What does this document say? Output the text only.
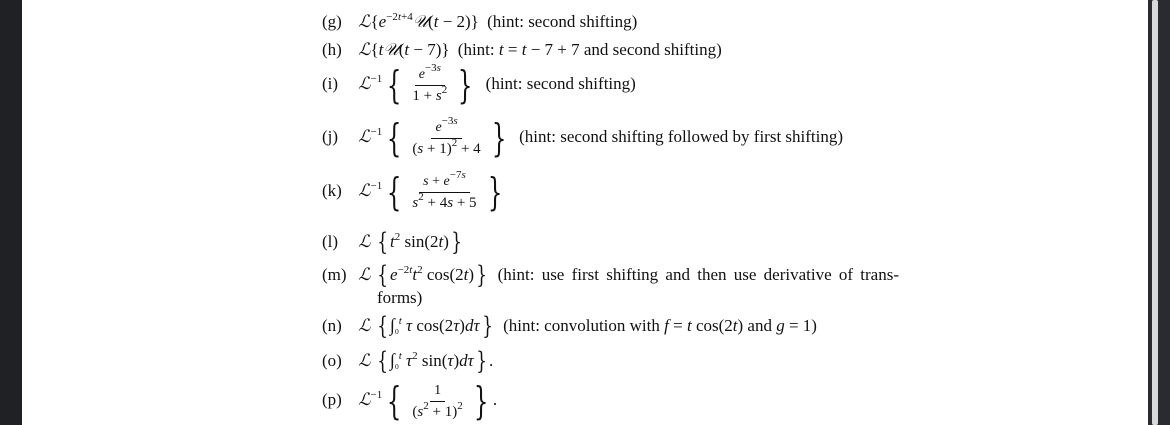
(g) $ℒ\{e^{-2t+4}𝒰(t - 2)\}$ (hint: second shifting)
(h) ℒ{t𝒰(t − 7)} (hint: t = t − 7 + 7 and second shifting)
(i) ℒ$^{-1}$ { $\frac{e^{-3s}}{1 + s^2}$ } (hint: second shifting)
(j) ℒ$^{-1}$ { $\frac{e^{-3s}}{(s + 1)^2 + 4}$ } (hint: second shifting followed by first shifting)
(k) ℒ$^{-1}$ { $\frac{s + e^{-7s}}{s^2 + 4s + 5}$ }
(l) ℒ { $t^2$ sin(2t)}
(m) ℒ { $e^{-2t}t^2$ cos(2t)} (hint: use first shifting and then use derivative of trans-
forms)
(n) ℒ { $\int_0^t$ τ cos(2τ)dτ} (hint: convolution with f = t cos(2t) and g = 1)
(o) ℒ { $\int_0^t$ $\tau^2$ sin(τ)dτ} .
(p) ℒ$^{-1}$ { $\frac{1}{(s^2 + 1)^2}$ } .
